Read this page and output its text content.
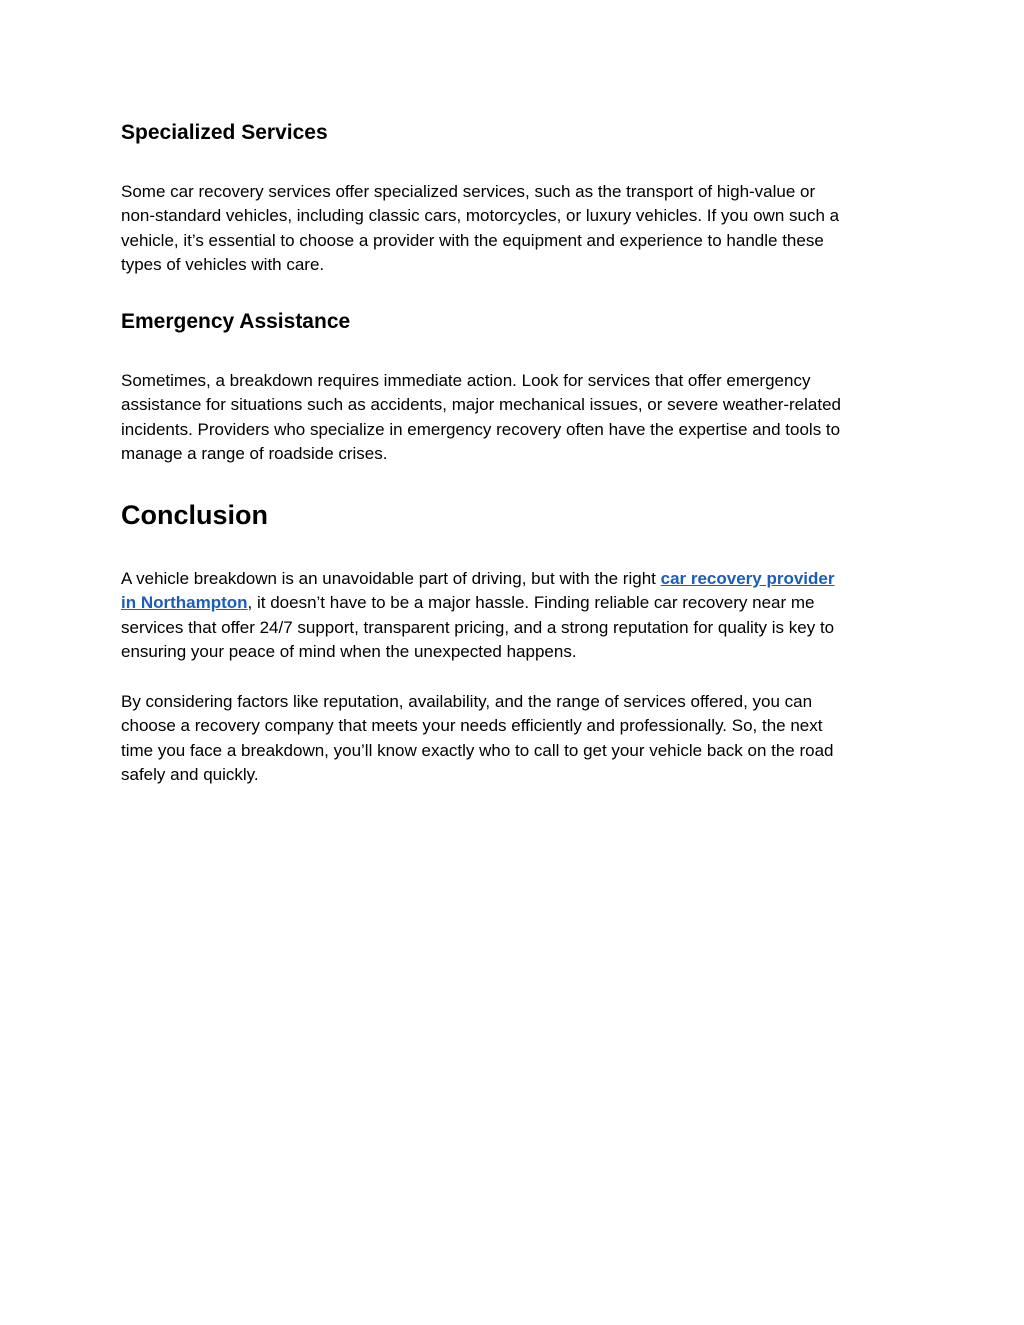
Specialized Services

Some car recovery services offer specialized services, such as the transport of high-value or
non-standard vehicles, including classic cars, motorcycles, or luxury vehicles. If you own such a
vehicle, it’s essential to choose a provider with the equipment and experience to handle these
types of vehicles with care.

Emergency Assistance

Sometimes, a breakdown requires immediate action. Look for services that offer emergency
assistance for situations such as accidents, major mechanical issues, or severe weather-related
incidents. Providers who specialize in emergency recovery often have the expertise and tools to
manage a range of roadside crises.

Conclusion

A vehicle breakdown is an unavoidable part of driving, but with the right car recovery provider
in Northampton, it doesn’t have to be a major hassle. Finding reliable car recovery near me
services that offer 24/7 support, transparent pricing, and a strong reputation for quality is key to
ensuring your peace of mind when the unexpected happens.

By considering factors like reputation, availability, and the range of services offered, you can
choose a recovery company that meets your needs efficiently and professionally. So, the next
time you face a breakdown, you’ll know exactly who to call to get your vehicle back on the road
safely and quickly.
